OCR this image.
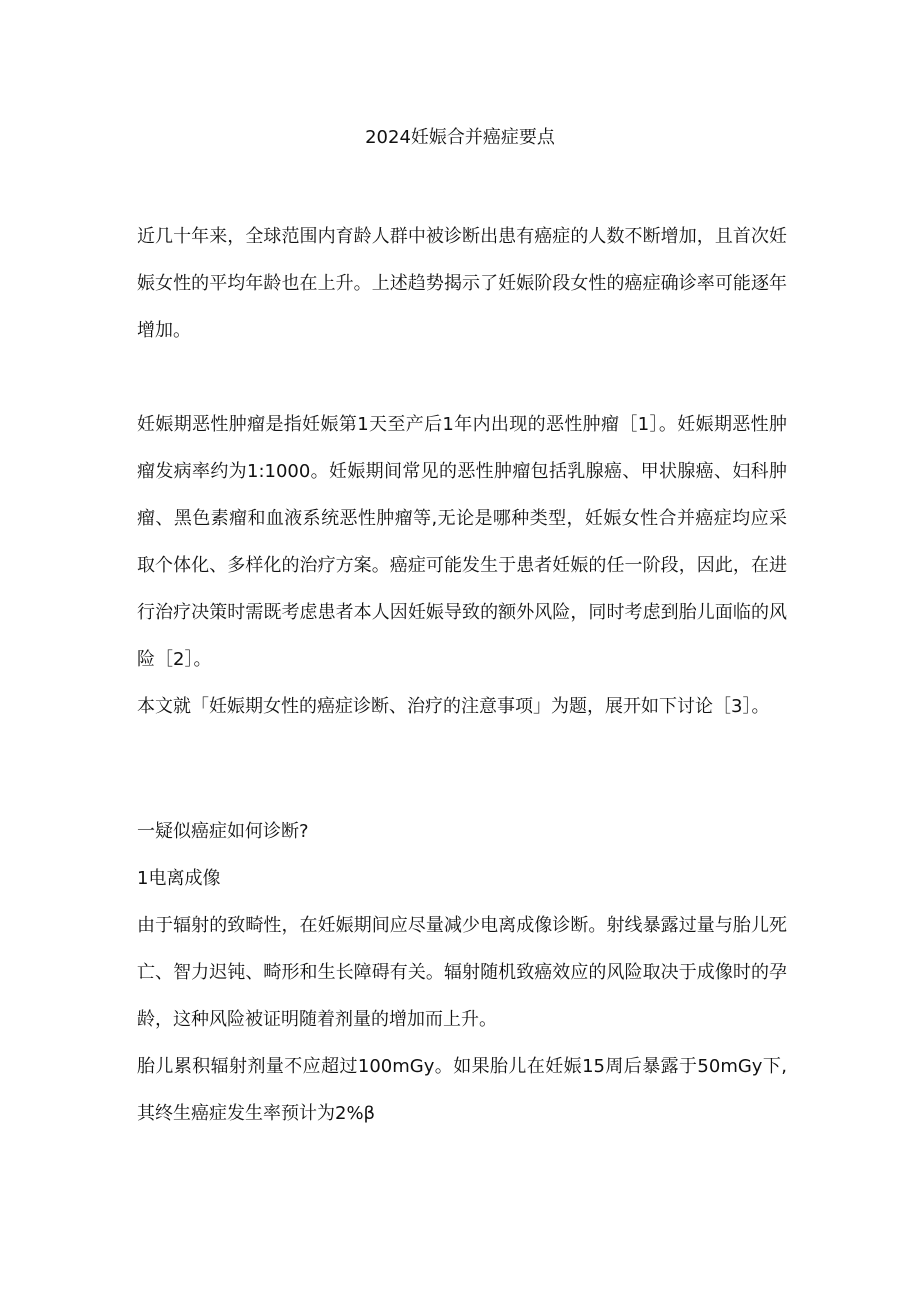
2024妊娠合并癌症要点

近几十年来，全球范围内育龄人群中被诊断出患有癌症的人数不断增加，且首次妊娠女性的平均年龄也在上升。上述趋势揭示了妊娠阶段女性的癌症确诊率可能逐年增加。

妊娠期恶性肿瘤是指妊娠第1天至产后1年内出现的恶性肿瘤［1］。妊娠期恶性肿瘤发病率约为1:1000。妊娠期间常见的恶性肿瘤包括乳腺癌、甲状腺癌、妇科肿瘤、黑色素瘤和血液系统恶性肿瘤等,无论是哪种类型，妊娠女性合并癌症均应采取个体化、多样化的治疗方案。癌症可能发生于患者妊娠的任一阶段，因此，在进行治疗决策时需既考虑患者本人因妊娠导致的额外风险，同时考虑到胎儿面临的风险［2］。

本文就「妊娠期女性的癌症诊断、治疗的注意事项」为题，展开如下讨论［3］。

一疑似癌症如何诊断?
1电离成像

由于辐射的致畸性，在妊娠期间应尽量减少电离成像诊断。射线暴露过量与胎儿死亡、智力迟钝、畸形和生长障碍有关。辐射随机致癌效应的风险取决于成像时的孕龄，这种风险被证明随着剂量的增加而上升。

胎儿累积辐射剂量不应超过100mGy。如果胎儿在妊娠15周后暴露于50mGy下,其终生癌症发生率预计为2%β
